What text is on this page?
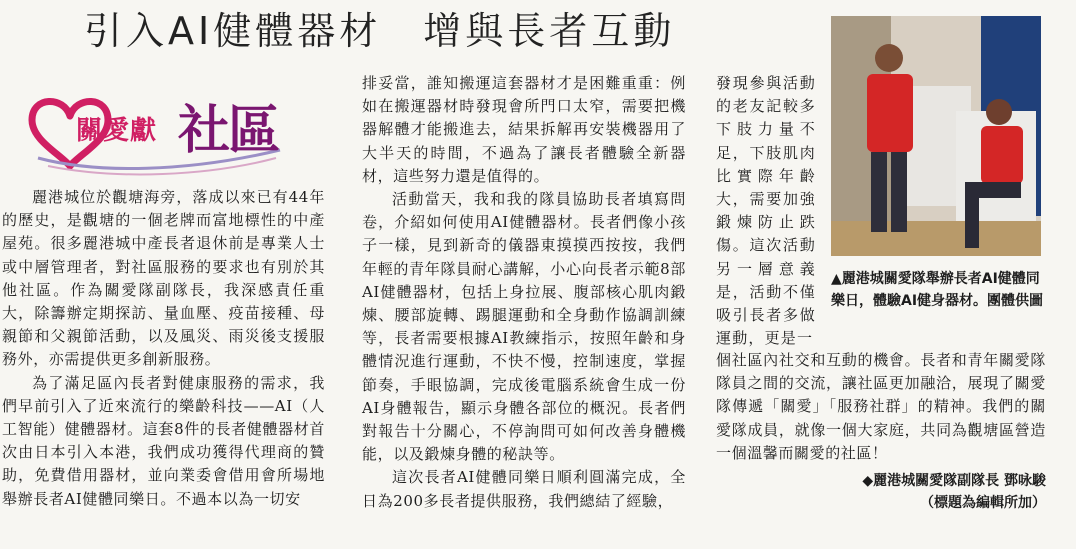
引入AI健體器材　增與長者互動
關愛獻 社區

麗港城位於觀塘海旁，落成以來已有44年的歷史，是觀塘的一個老牌而富地標性的中產屋苑。很多麗港城中產長者退休前是專業人士或中層管理者，對社區服務的要求也有別於其他社區。作為關愛隊副隊長，我深感責任重大，除籌辦定期探訪、量血壓、疫苗接種、母親節和父親節活動，以及風災、雨災後支援服務外，亦需提供更多創新服務。

為了滿足區內長者對健康服務的需求，我們早前引入了近來流行的樂齡科技——AI（人工智能）健體器材。這套8件的長者健體器材首次由日本引入本港，我們成功獲得代理商的贊助，免費借用器材，並向業委會借用會所場地舉辦長者AI健體同樂日。不過本以為一切安

排妥當，誰知搬運這套器材才是困難重重：例如在搬運器材時發現會所門口太窄，需要把機器解體才能搬進去，結果拆解再安裝機器用了大半天的時間，不過為了讓長者體驗全新器材，這些努力還是值得的。

活動當天，我和我的隊員協助長者填寫問卷，介紹如何使用AI健體器材。長者們像小孩子一樣，見到新奇的儀器東摸摸西按按，我們年輕的青年隊員耐心講解，小心向長者示範8部AI健體器材，包括上身拉展、腹部核心肌肉鍛煉、腰部旋轉、踢腿運動和全身動作協調訓練等，長者需要根據AI教練指示，按照年齡和身體情況進行運動，不快不慢，控制速度，掌握節奏，手眼協調，完成後電腦系統會生成一份AI身體報告，顯示身體各部位的概況。長者們對報告十分關心，不停詢問可如何改善身體機能，以及鍛煉身體的秘訣等。

這次長者AI健體同樂日順利圓滿完成，全日為200多長者提供服務，我們總結了經驗，

發現參與活動的老友記較多下肢力量不足，下肢肌肉比實際年齡大，需要加強鍛煉防止跌傷。這次活動另一層意義是，活動不僅吸引長者多做運動，更是一

▲麗港城關愛隊舉辦長者AI健體同樂日，體驗AI健身器材。 團體供圖

個社區內社交和互動的機會。長者和青年關愛隊隊員之間的交流，讓社區更加融洽，展現了關愛隊傳遞「關愛」「服務社群」的精神。我們的關愛隊成員，就像一個大家庭，共同為觀塘區營造一個溫馨而關愛的社區！

◆麗港城關愛隊副隊長 鄧咏駿
（標題為編輯所加）
